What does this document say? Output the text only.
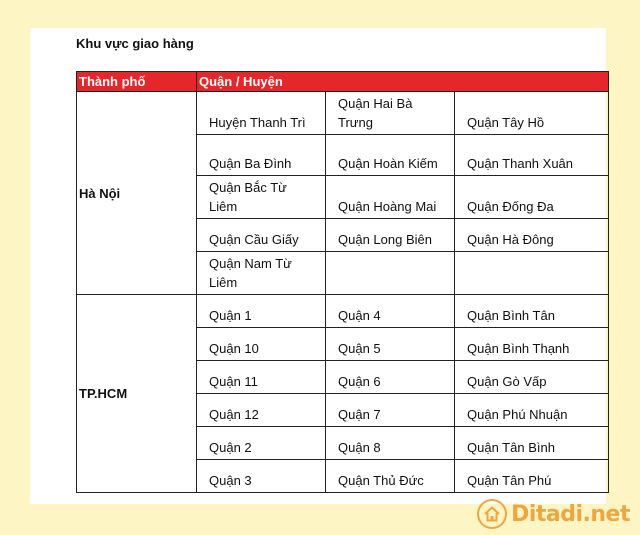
Khu vực giao hàng
Thành phố	Quận / Huyện		
Hà Nội	Huyện Thanh Trì	Quận Hai Bà Trưng	Quận Tây Hồ
	Quận Ba Đình	Quận Hoàn Kiếm	Quận Thanh Xuân
	Quận Bắc Từ Liêm	Quận Hoàng Mai	Quận Đống Đa
	Quận Cầu Giấy	Quận Long Biên	Quận Hà Đông
	Quận Nam Từ Liêm		
TP.HCM	Quận 1	Quận 4	Quận Bình Tân
	Quận 10	Quận 5	Quận Bình Thạnh
	Quận 11	Quận 6	Quận Gò Vấp
	Quận 12	Quận 7	Quận Phú Nhuận
	Quận 2	Quận 8	Quận Tân Bình
	Quận 3	Quận Thủ Đức	Quận Tân Phú
Ditadi.net
